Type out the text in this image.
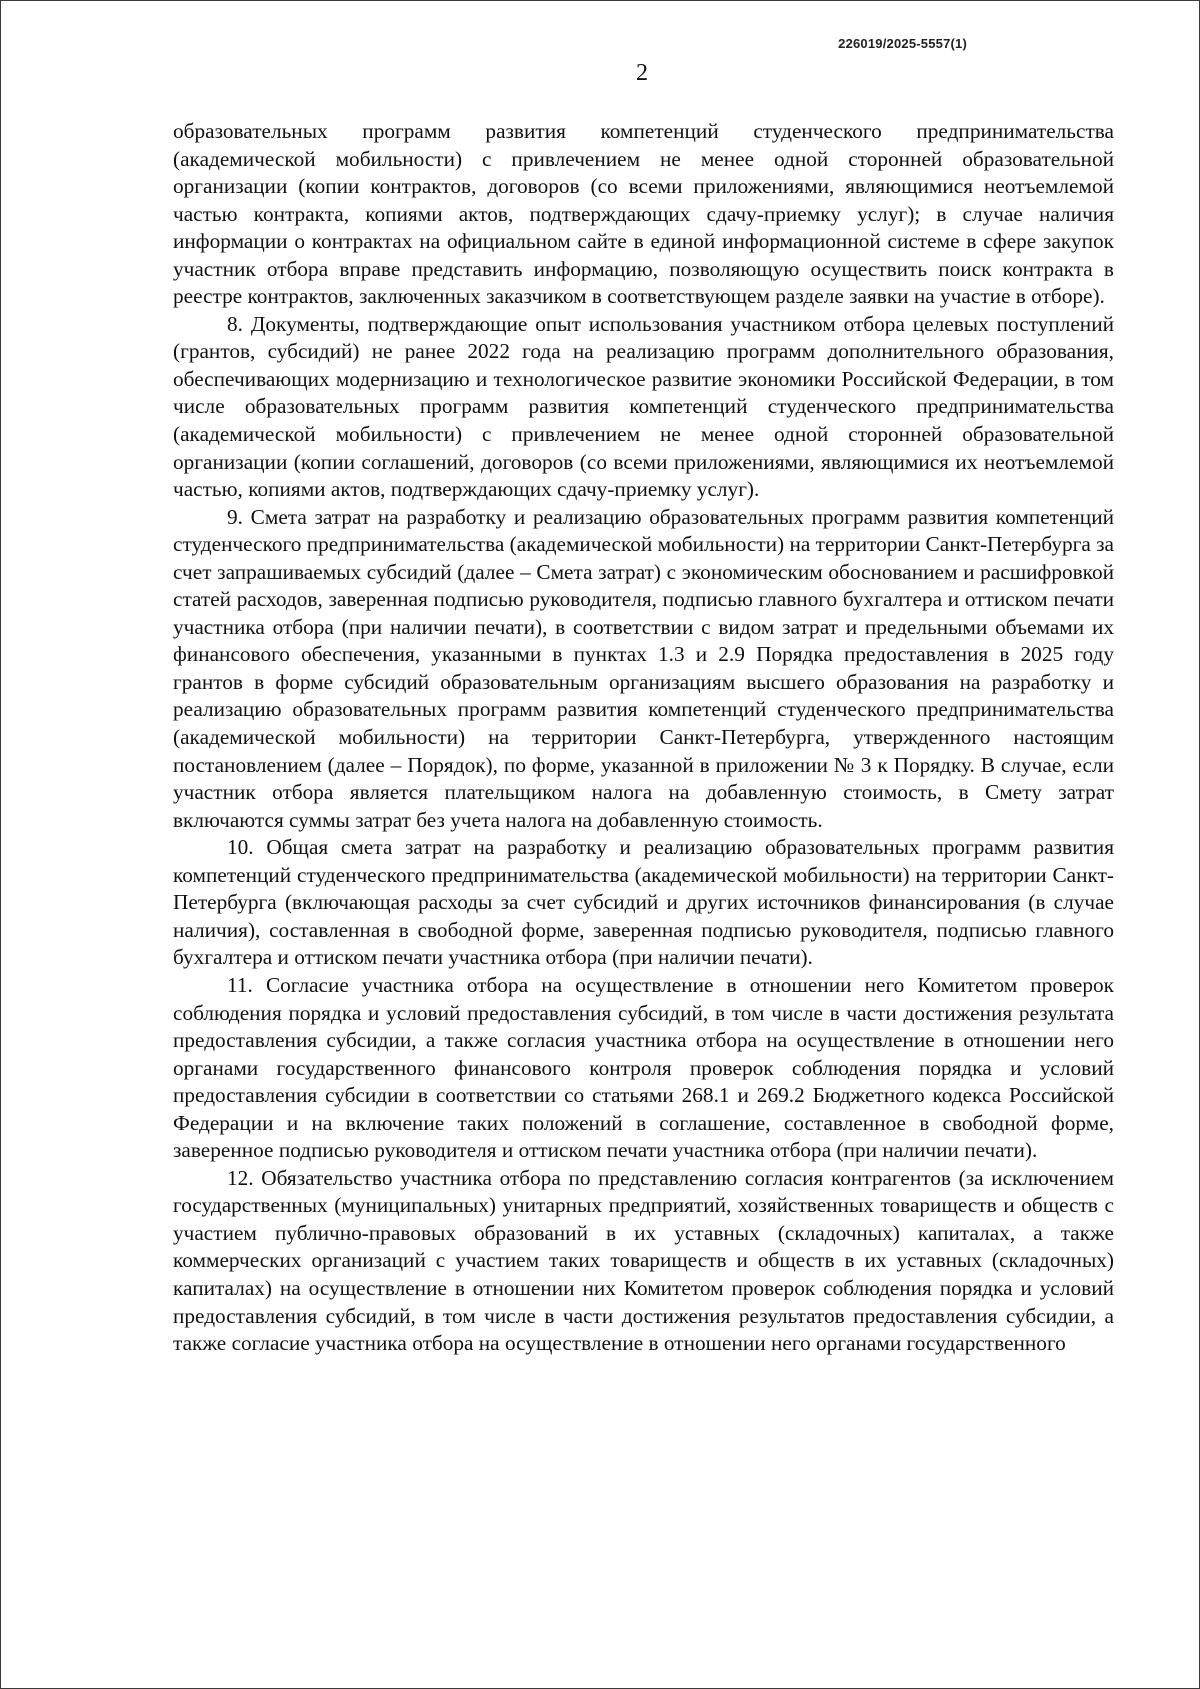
226019/2025-5557(1)
2

образовательных программ развития компетенций студенческого предпринимательства (академической мобильности) с привлечением не менее одной сторонней образовательной организации (копии контрактов, договоров (со всеми приложениями, являющимися неотъемлемой частью контракта, копиями актов, подтверждающих сдачу-приемку услуг); в случае наличия информации о контрактах на официальном сайте в единой информационной системе в сфере закупок участник отбора вправе представить информацию, позволяющую осуществить поиск контракта в реестре контрактов, заключенных заказчиком в соответствующем разделе заявки на участие в отборе).

8. Документы, подтверждающие опыт использования участником отбора целевых поступлений (грантов, субсидий) не ранее 2022 года на реализацию программ дополнительного образования, обеспечивающих модернизацию и технологическое развитие экономики Российской Федерации, в том числе образовательных программ развития компетенций студенческого предпринимательства (академической мобильности) с привлечением не менее одной сторонней образовательной организации (копии соглашений, договоров (со всеми приложениями, являющимися их неотъемлемой частью, копиями актов, подтверждающих сдачу-приемку услуг).

9. Смета затрат на разработку и реализацию образовательных программ развития компетенций студенческого предпринимательства (академической мобильности) на территории Санкт-Петербурга за счет запрашиваемых субсидий (далее – Смета затрат) с экономическим обоснованием и расшифровкой статей расходов, заверенная подписью руководителя, подписью главного бухгалтера и оттиском печати участника отбора (при наличии печати), в соответствии с видом затрат и предельными объемами их финансового обеспечения, указанными в пунктах 1.3 и 2.9 Порядка предоставления в 2025 году грантов в форме субсидий образовательным организациям высшего образования на разработку и реализацию образовательных программ развития компетенций студенческого предпринимательства (академической мобильности) на территории Санкт-Петербурга, утвержденного настоящим постановлением (далее – Порядок), по форме, указанной в приложении № 3 к Порядку. В случае, если участник отбора является плательщиком налога на добавленную стоимость, в Смету затрат включаются суммы затрат без учета налога на добавленную стоимость.

10. Общая смета затрат на разработку и реализацию образовательных программ развития компетенций студенческого предпринимательства (академической мобильности) на территории Санкт-Петербурга (включающая расходы за счет субсидий и других источников финансирования (в случае наличия), составленная в свободной форме, заверенная подписью руководителя, подписью главного бухгалтера и оттиском печати участника отбора (при наличии печати).

11. Согласие участника отбора на осуществление в отношении него Комитетом проверок соблюдения порядка и условий предоставления субсидий, в том числе в части достижения результата предоставления субсидии, а также согласия участника отбора на осуществление в отношении него органами государственного финансового контроля проверок соблюдения порядка и условий предоставления субсидии в соответствии со статьями 268.1 и 269.2 Бюджетного кодекса Российской Федерации и на включение таких положений в соглашение, составленное в свободной форме, заверенное подписью руководителя и оттиском печати участника отбора (при наличии печати).

12. Обязательство участника отбора по представлению согласия контрагентов (за исключением государственных (муниципальных) унитарных предприятий, хозяйственных товариществ и обществ с участием публично-правовых образований в их уставных (складочных) капиталах, а также коммерческих организаций с участием таких товариществ и обществ в их уставных (складочных) капиталах) на осуществление в отношении них Комитетом проверок соблюдения порядка и условий предоставления субсидий, в том числе в части достижения результатов предоставления субсидии, а также согласие участника отбора на осуществление в отношении него органами государственного
